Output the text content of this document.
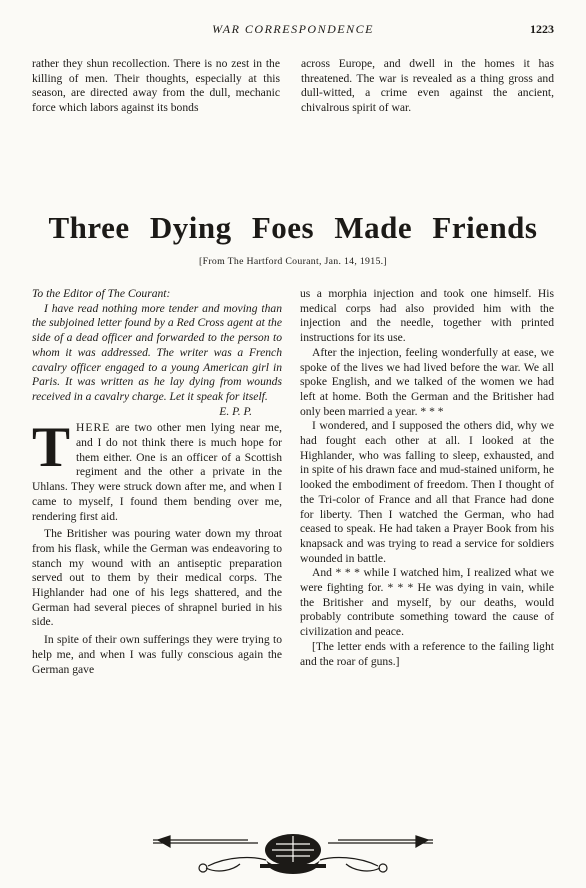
WAR CORRESPONDENCE	1223

rather they shun recollection. There is no zest in the killing of men. Their thoughts, especially at this season, are directed away from the dull, mechanic force which labors against its bonds

across Europe, and dwell in the homes it has threatened. The war is revealed as a thing gross and dull-witted, a crime even against the ancient, chivalrous spirit of war.

Three Dying Foes Made Friends
[From The Hartford Courant, Jan. 14, 1915.]

To the Editor of The Courant:

I have read nothing more tender and moving than the subjoined letter found by a Red Cross agent at the side of a dead officer and forwarded to the person to whom it was addressed. The writer was a French cavalry officer engaged to a young American girl in Paris. It was written as he lay dying from wounds received in a cavalry charge. Let it speak for itself.

E. P. P.

THERE are two other men lying near me, and I do not think there is much hope for them either. One is an officer of a Scottish regiment and the other a private in the Uhlans. They were struck down after me, and when I came to myself, I found them bending over me, rendering first aid.

The Britisher was pouring water down my throat from his flask, while the German was endeavoring to stanch my wound with an antiseptic preparation served out to them by their medical corps. The Highlander had one of his legs shattered, and the German had several pieces of shrapnel buried in his side.

In spite of their own sufferings they were trying to help me, and when I was fully conscious again the German gave

us a morphia injection and took one himself. His medical corps had also provided him with the injection and the needle, together with printed instructions for its use.

After the injection, feeling wonderfully at ease, we spoke of the lives we had lived before the war. We all spoke English, and we talked of the women we had left at home. Both the German and the Britisher had only been married a year. * * *

I wondered, and I supposed the others did, why we had fought each other at all. I looked at the Highlander, who was falling to sleep, exhausted, and in spite of his drawn face and mud-stained uniform, he looked the embodiment of freedom. Then I thought of the Tri-color of France and all that France had done for liberty. Then I watched the German, who had ceased to speak. He had taken a Prayer Book from his knapsack and was trying to read a service for soldiers wounded in battle.

And * * * while I watched him, I realized what we were fighting for. * * * He was dying in vain, while the Britisher and myself, by our deaths, would probably contribute something toward the cause of civilization and peace.

[The letter ends with a reference to the failing light and the roar of guns.]
